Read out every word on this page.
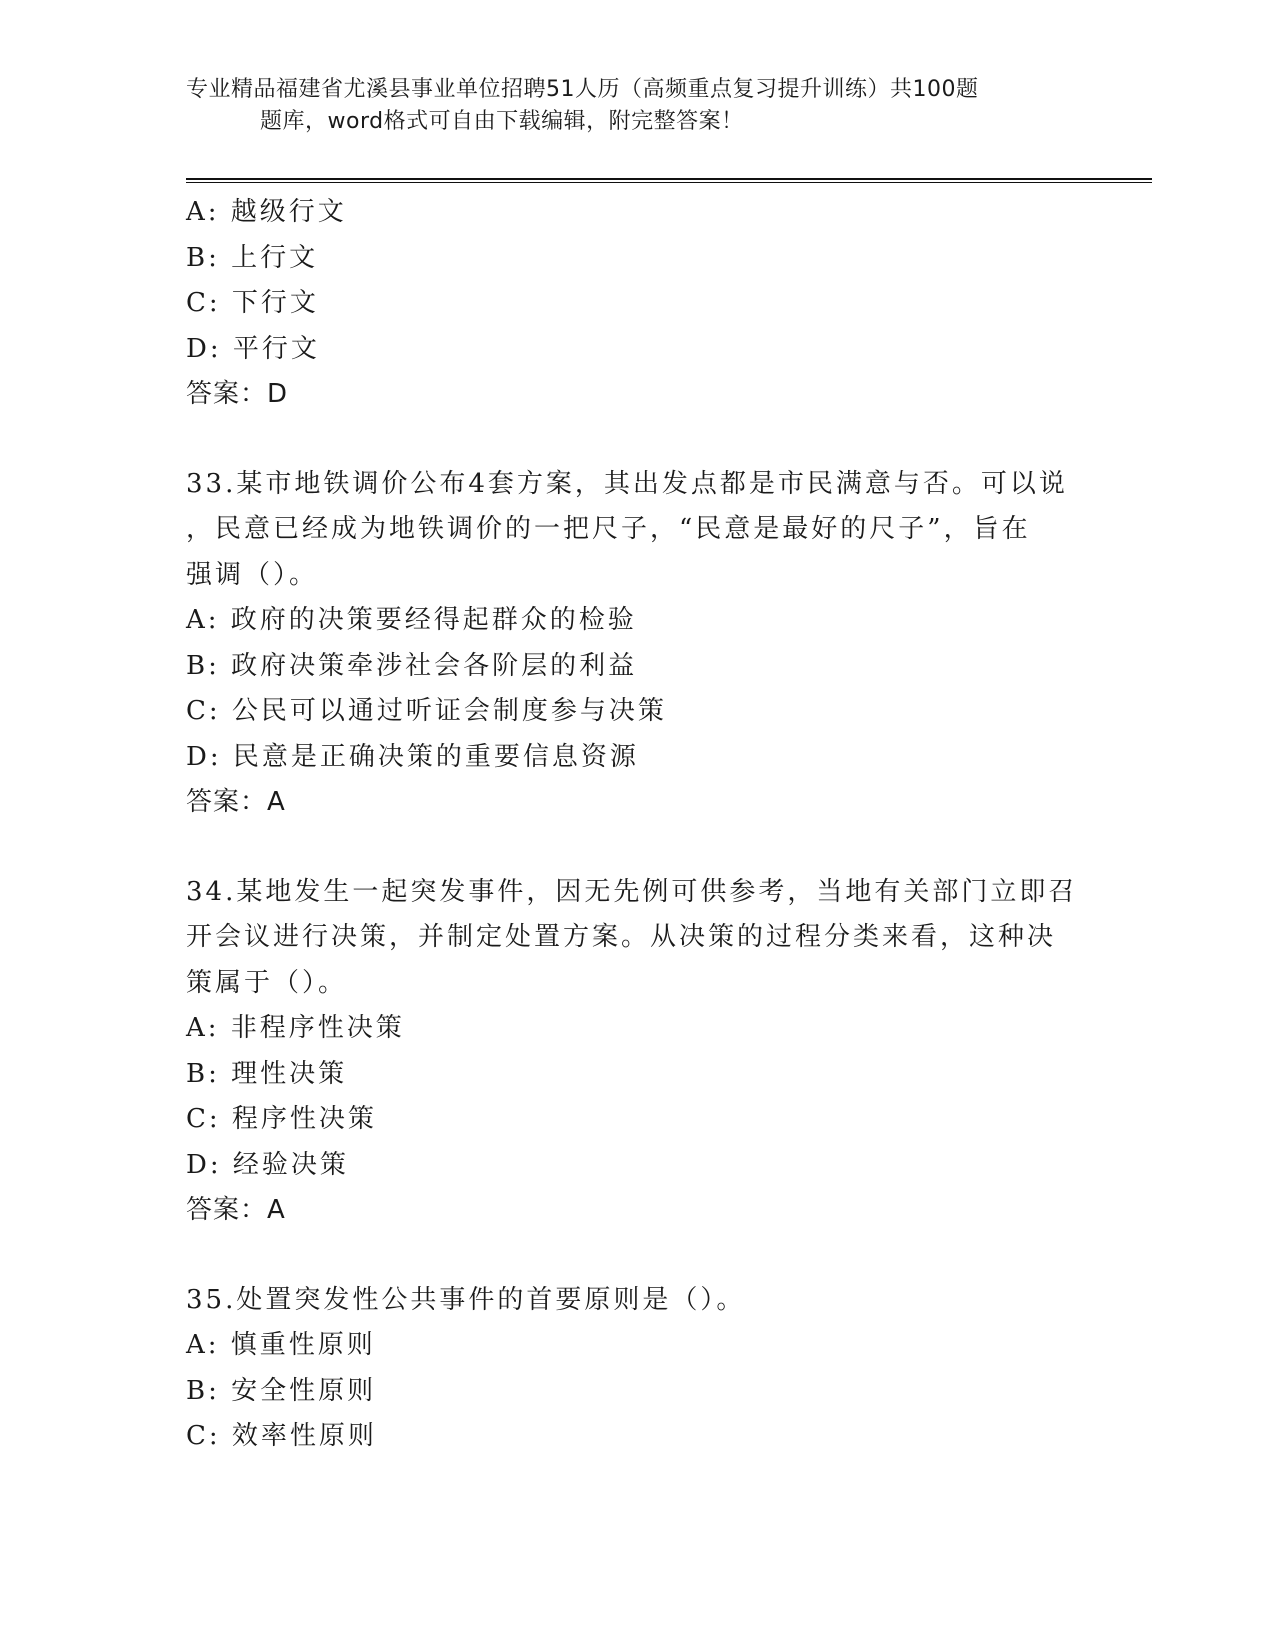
专业精品福建省尤溪县事业单位招聘51人历（高频重点复习提升训练）共100题
题库，word格式可自由下载编辑，附完整答案！
A: 越级行文
B: 上行文
C: 下行文
D: 平行文
答案：D
33.某市地铁调价公布4套方案，其出发点都是市民满意与否。可以说
，民意已经成为地铁调价的一把尺子，“民意是最好的尺子”，旨在
强调（）。
A: 政府的决策要经得起群众的检验
B: 政府决策牵涉社会各阶层的利益
C: 公民可以通过听证会制度参与决策
D: 民意是正确决策的重要信息资源
答案：A
34.某地发生一起突发事件，因无先例可供参考，当地有关部门立即召
开会议进行决策，并制定处置方案。从决策的过程分类来看，这种决
策属于（）。
A: 非程序性决策
B: 理性决策
C: 程序性决策
D: 经验决策
答案：A
35.处置突发性公共事件的首要原则是（）。
A: 慎重性原则
B: 安全性原则
C: 效率性原则
